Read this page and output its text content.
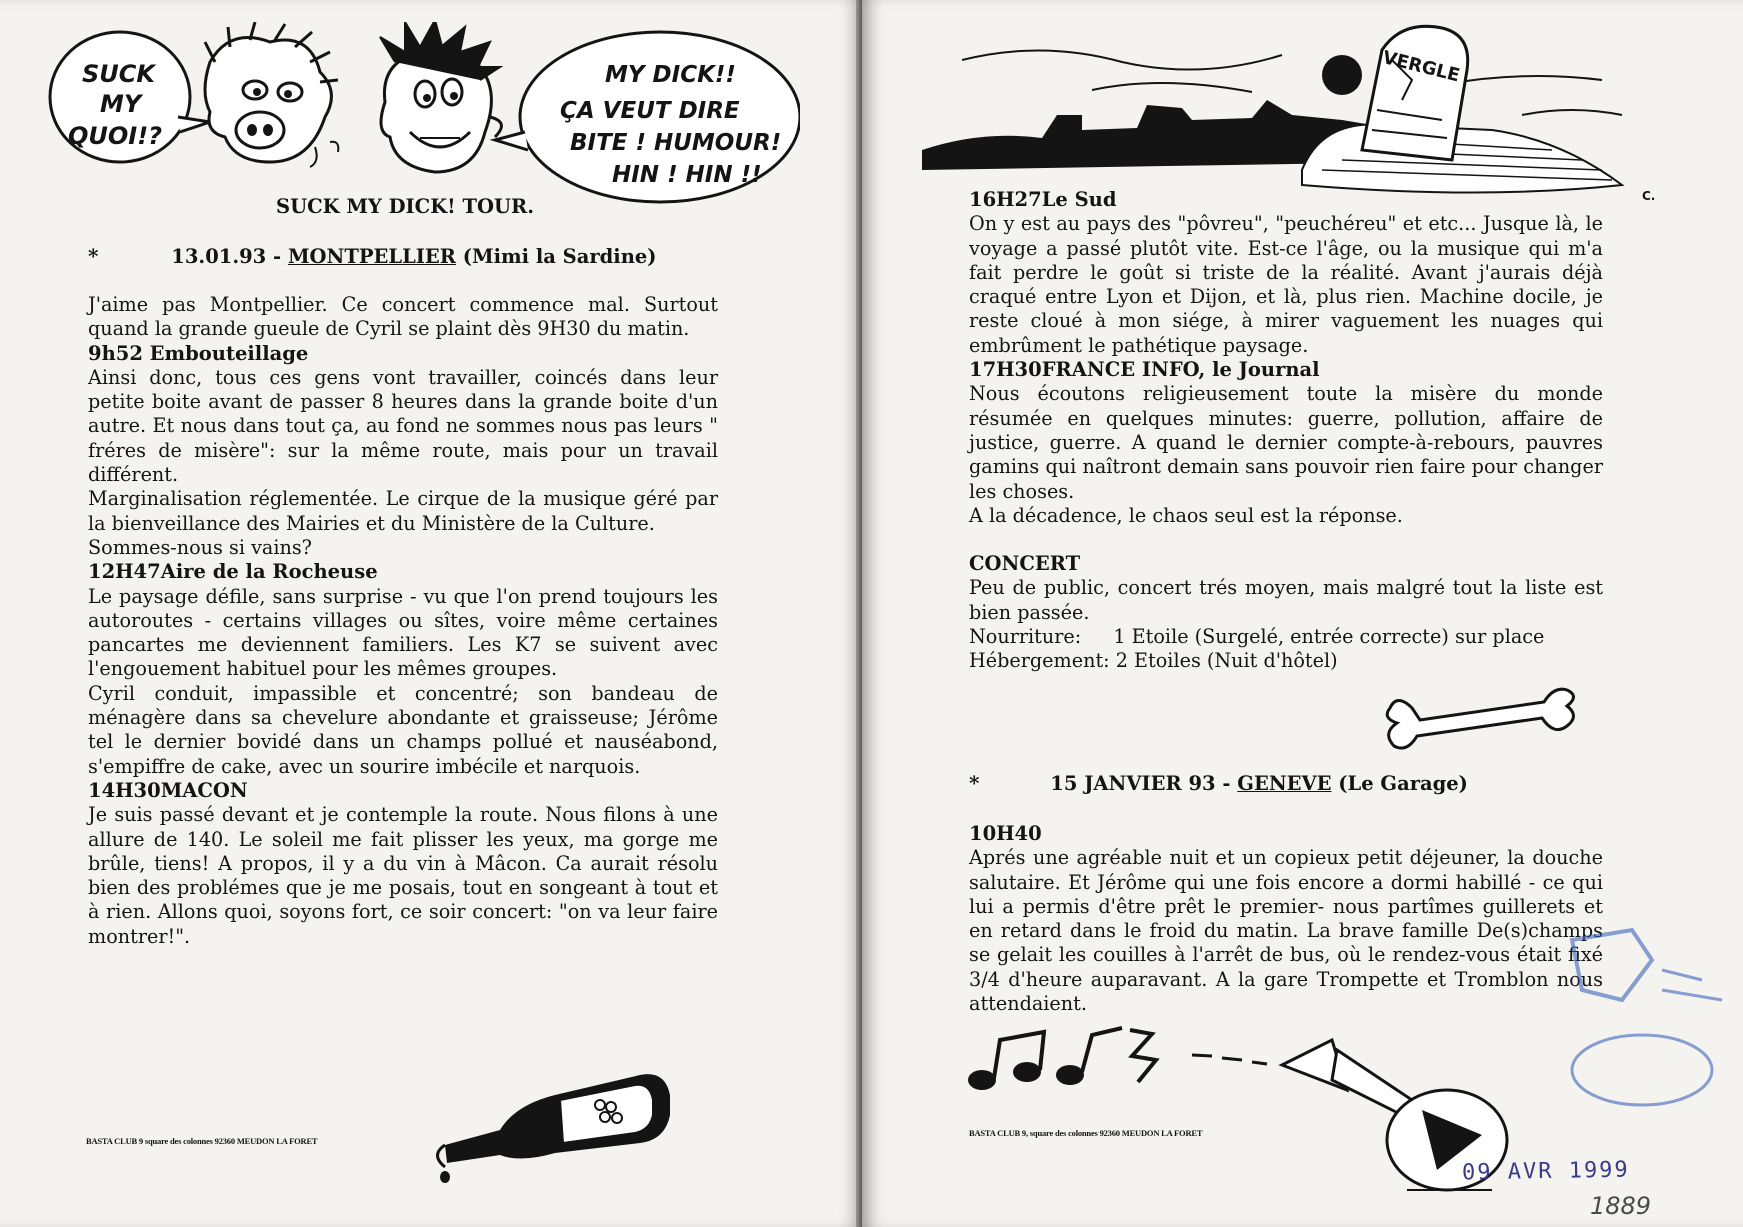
SUCK
MY
QUOI!?
MY DICK!!
ÇA VEUT DIRE
BITE ! HUMOUR!
HIN ! HIN !!
SUCK MY DICK! TOUR.
*	13.01.93 - MONTPELLIER (Mimi la Sardine)

J'aime pas Montpellier. Ce concert commence mal. Surtout quand la grande gueule de Cyril se plaint dès 9H30 du matin.

9h52 Embouteillage

Ainsi donc, tous ces gens vont travailler, coincés dans leur petite boite avant de passer 8 heures dans la grande boite d'un autre. Et nous dans tout ça, au fond ne sommes nous pas leurs " fréres de misère": sur la même route, mais pour un travail différent.

Marginalisation réglementée. Le cirque de la musique géré par la bienveillance des Mairies et du Ministère de la Culture.

Sommes-nous si vains?

12H47Aire de la Rocheuse

Le paysage défile, sans surprise - vu que l'on prend toujours les autoroutes - certains villages ou sîtes, voire même certaines pancartes me deviennent familiers. Les K7 se suivent avec l'engouement habituel pour les mêmes groupes.

Cyril conduit, impassible et concentré; son bandeau de ménagère dans sa chevelure abondante et graisseuse; Jérôme tel le dernier bovidé dans un champs pollué et nauséabond, s'empiffre de cake, avec un sourire imbécile et narquois.

14H30MACON

Je suis passé devant et je contemple la route. Nous filons à une allure de 140. Le soleil me fait plisser les yeux, ma gorge me brûle, tiens! A propos, il y a du vin à Mâcon. Ca aurait résolu bien des problémes que je me posais, tout en songeant à tout et à rien. Allons quoi, soyons fort, ce soir concert: "on va leur faire montrer!".

BASTA CLUB 9 square des colonnes 92360 MEUDON LA FORET
VERGLE
C.

16H27Le Sud

On y est au pays des "pôvreu", "peuchéreu" et etc... Jusque là, le voyage a passé plutôt vite. Est-ce l'âge, ou la musique qui m'a fait perdre le goût si triste de la réalité. Avant j'aurais déjà craqué entre Lyon et Dijon, et là, plus rien. Machine docile, je reste cloué à mon siége, à mirer vaguement les nuages qui embrûment le pathétique paysage.

17H30FRANCE INFO, le Journal

Nous écoutons religieusement toute la misère du monde résumée en quelques minutes: guerre, pollution, affaire de justice, guerre. A quand le dernier compte-à-rebours, pauvres gamins qui naîtront demain sans pouvoir rien faire pour changer les choses.

A la décadence, le chaos seul est la réponse.

CONCERT

Peu de public, concert trés moyen, mais malgré tout la liste est bien passée.

Nourriture: 1 Etoile (Surgelé, entrée correcte) sur place

Hébergement: 2 Etoiles (Nuit d'hôtel)

*	15 JANVIER 93 - GENEVE (Le Garage)

10H40

Aprés une agréable nuit et un copieux petit déjeuner, la douche salutaire. Et Jérôme qui une fois encore a dormi habillé - ce qui lui a permis d'être prêt le premier- nous partîmes guillerets et en retard dans le froid du matin. La brave famille De(s)champs se gelait les couilles à l'arrêt de bus, où le rendez-vous était fixé 3/4 d'heure auparavant. A la gare Trompette et Tromblon nous attendaient.

BASTA CLUB 9, square des colonnes 92360 MEUDON LA FORET
09 AVR 1999
1889
